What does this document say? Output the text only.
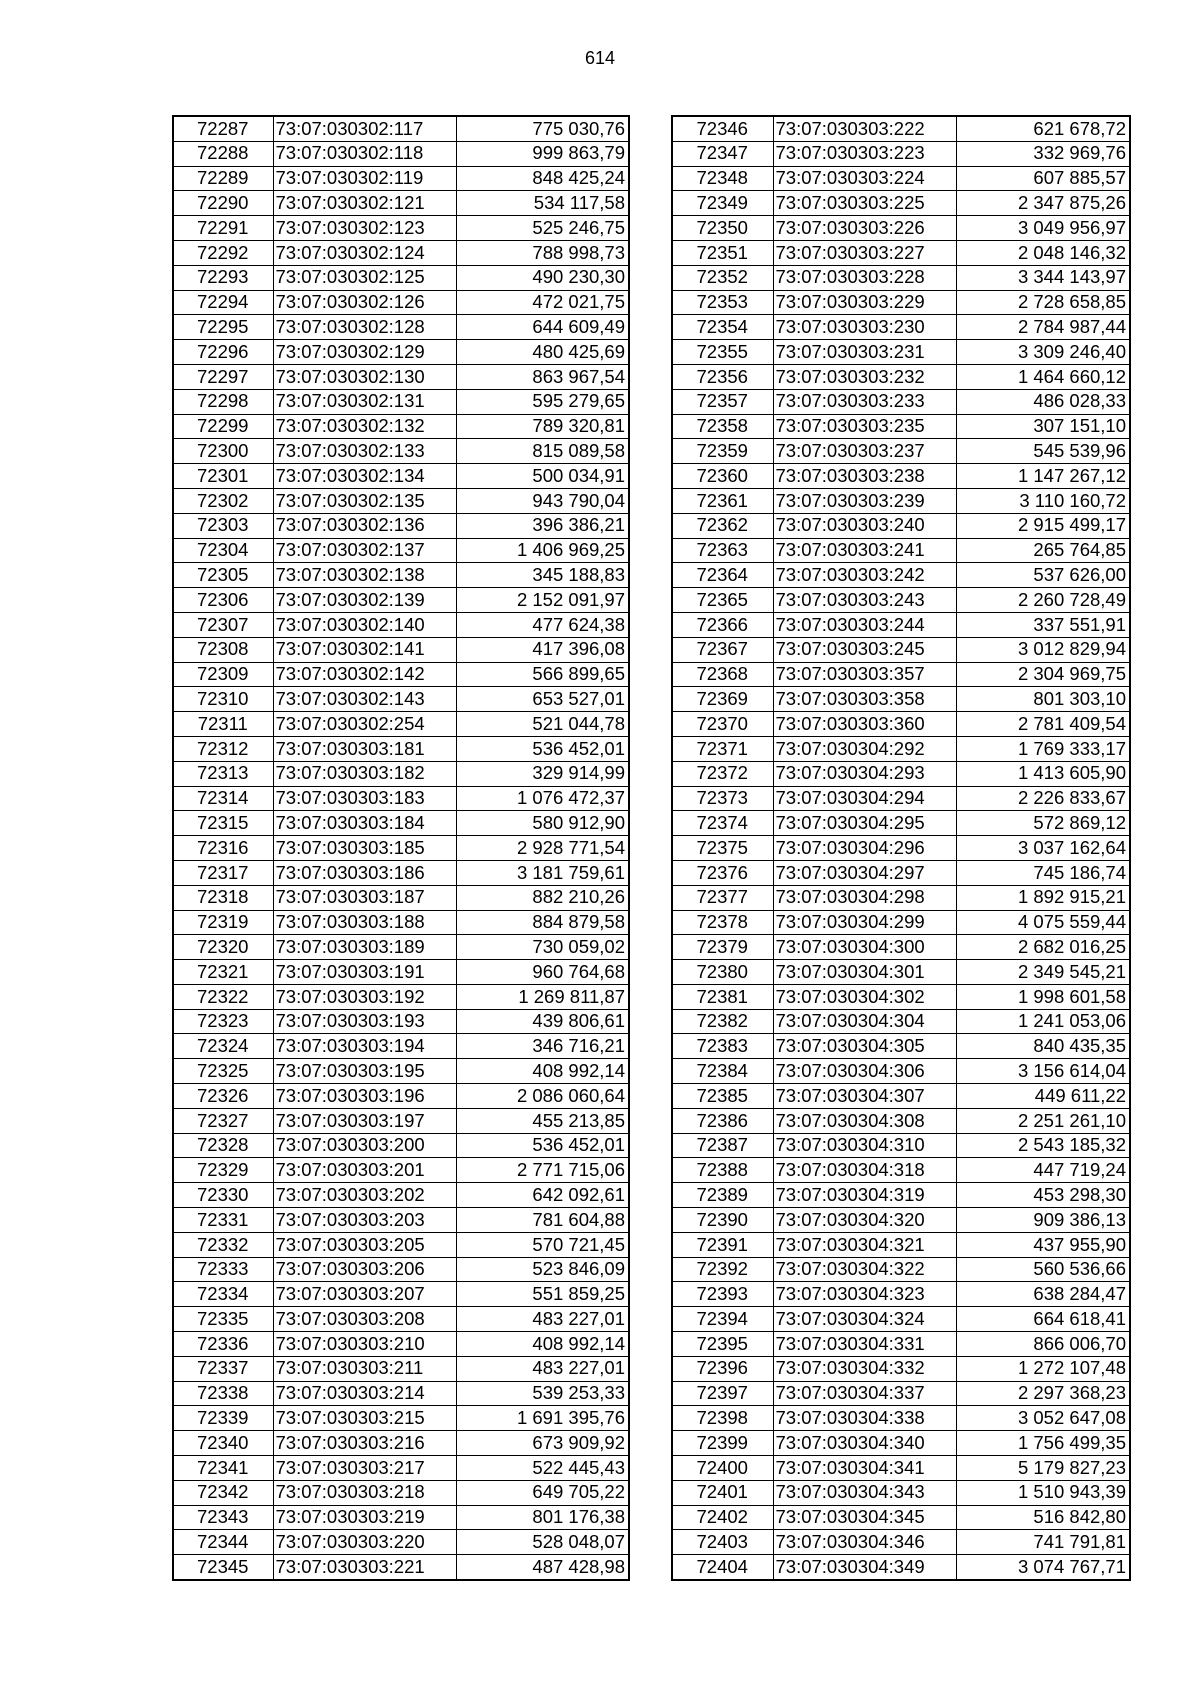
614
72287	73:07:030302:117	775 030,76
72288	73:07:030302:118	999 863,79
72289	73:07:030302:119	848 425,24
72290	73:07:030302:121	534 117,58
72291	73:07:030302:123	525 246,75
72292	73:07:030302:124	788 998,73
72293	73:07:030302:125	490 230,30
72294	73:07:030302:126	472 021,75
72295	73:07:030302:128	644 609,49
72296	73:07:030302:129	480 425,69
72297	73:07:030302:130	863 967,54
72298	73:07:030302:131	595 279,65
72299	73:07:030302:132	789 320,81
72300	73:07:030302:133	815 089,58
72301	73:07:030302:134	500 034,91
72302	73:07:030302:135	943 790,04
72303	73:07:030302:136	396 386,21
72304	73:07:030302:137	1 406 969,25
72305	73:07:030302:138	345 188,83
72306	73:07:030302:139	2 152 091,97
72307	73:07:030302:140	477 624,38
72308	73:07:030302:141	417 396,08
72309	73:07:030302:142	566 899,65
72310	73:07:030302:143	653 527,01
72311	73:07:030302:254	521 044,78
72312	73:07:030303:181	536 452,01
72313	73:07:030303:182	329 914,99
72314	73:07:030303:183	1 076 472,37
72315	73:07:030303:184	580 912,90
72316	73:07:030303:185	2 928 771,54
72317	73:07:030303:186	3 181 759,61
72318	73:07:030303:187	882 210,26
72319	73:07:030303:188	884 879,58
72320	73:07:030303:189	730 059,02
72321	73:07:030303:191	960 764,68
72322	73:07:030303:192	1 269 811,87
72323	73:07:030303:193	439 806,61
72324	73:07:030303:194	346 716,21
72325	73:07:030303:195	408 992,14
72326	73:07:030303:196	2 086 060,64
72327	73:07:030303:197	455 213,85
72328	73:07:030303:200	536 452,01
72329	73:07:030303:201	2 771 715,06
72330	73:07:030303:202	642 092,61
72331	73:07:030303:203	781 604,88
72332	73:07:030303:205	570 721,45
72333	73:07:030303:206	523 846,09
72334	73:07:030303:207	551 859,25
72335	73:07:030303:208	483 227,01
72336	73:07:030303:210	408 992,14
72337	73:07:030303:211	483 227,01
72338	73:07:030303:214	539 253,33
72339	73:07:030303:215	1 691 395,76
72340	73:07:030303:216	673 909,92
72341	73:07:030303:217	522 445,43
72342	73:07:030303:218	649 705,22
72343	73:07:030303:219	801 176,38
72344	73:07:030303:220	528 048,07
72345	73:07:030303:221	487 428,98
72346	73:07:030303:222	621 678,72
72347	73:07:030303:223	332 969,76
72348	73:07:030303:224	607 885,57
72349	73:07:030303:225	2 347 875,26
72350	73:07:030303:226	3 049 956,97
72351	73:07:030303:227	2 048 146,32
72352	73:07:030303:228	3 344 143,97
72353	73:07:030303:229	2 728 658,85
72354	73:07:030303:230	2 784 987,44
72355	73:07:030303:231	3 309 246,40
72356	73:07:030303:232	1 464 660,12
72357	73:07:030303:233	486 028,33
72358	73:07:030303:235	307 151,10
72359	73:07:030303:237	545 539,96
72360	73:07:030303:238	1 147 267,12
72361	73:07:030303:239	3 110 160,72
72362	73:07:030303:240	2 915 499,17
72363	73:07:030303:241	265 764,85
72364	73:07:030303:242	537 626,00
72365	73:07:030303:243	2 260 728,49
72366	73:07:030303:244	337 551,91
72367	73:07:030303:245	3 012 829,94
72368	73:07:030303:357	2 304 969,75
72369	73:07:030303:358	801 303,10
72370	73:07:030303:360	2 781 409,54
72371	73:07:030304:292	1 769 333,17
72372	73:07:030304:293	1 413 605,90
72373	73:07:030304:294	2 226 833,67
72374	73:07:030304:295	572 869,12
72375	73:07:030304:296	3 037 162,64
72376	73:07:030304:297	745 186,74
72377	73:07:030304:298	1 892 915,21
72378	73:07:030304:299	4 075 559,44
72379	73:07:030304:300	2 682 016,25
72380	73:07:030304:301	2 349 545,21
72381	73:07:030304:302	1 998 601,58
72382	73:07:030304:304	1 241 053,06
72383	73:07:030304:305	840 435,35
72384	73:07:030304:306	3 156 614,04
72385	73:07:030304:307	449 611,22
72386	73:07:030304:308	2 251 261,10
72387	73:07:030304:310	2 543 185,32
72388	73:07:030304:318	447 719,24
72389	73:07:030304:319	453 298,30
72390	73:07:030304:320	909 386,13
72391	73:07:030304:321	437 955,90
72392	73:07:030304:322	560 536,66
72393	73:07:030304:323	638 284,47
72394	73:07:030304:324	664 618,41
72395	73:07:030304:331	866 006,70
72396	73:07:030304:332	1 272 107,48
72397	73:07:030304:337	2 297 368,23
72398	73:07:030304:338	3 052 647,08
72399	73:07:030304:340	1 756 499,35
72400	73:07:030304:341	5 179 827,23
72401	73:07:030304:343	1 510 943,39
72402	73:07:030304:345	516 842,80
72403	73:07:030304:346	741 791,81
72404	73:07:030304:349	3 074 767,71
